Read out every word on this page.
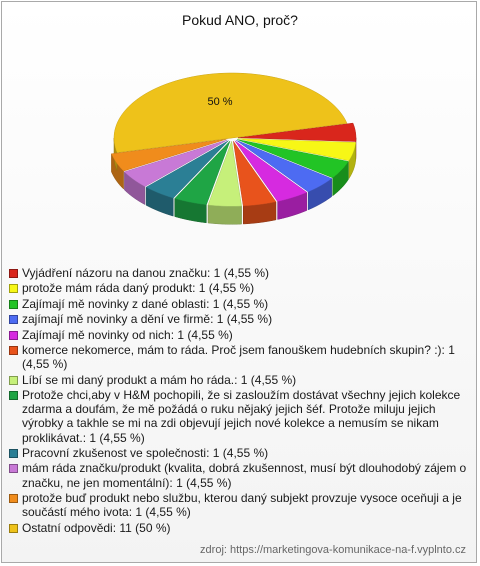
Pokud ANO, proč?
50 %
Vyjádření názoru na danou značku: 1 (4,55 %)
protože mám ráda daný produkt: 1 (4,55 %)
Zajímají mě novinky z dané oblasti: 1 (4,55 %)
zajímají mě novinky a dění ve firmě: 1 (4,55 %)
Zajímají mě novinky od nich: 1 (4,55 %)
komerce nekomerce, mám to ráda. Proč jsem fanouškem hudebních skupin? :): 1 (4,55 %)
Líbí se mi daný produkt a mám ho ráda.: 1 (4,55 %)
Protože chci,aby v H&M pochopili, že si zasloužím dostávat všechny jejich kolekce zdarma a doufám, že mě požádá o ruku nějaký jejich šéf. Protože miluju jejich výrobky a takhle se mi na zdi objevují jejich nové kolekce a nemusím se nikam proklikávat.: 1 (4,55 %)
Pracovní zkušenost ve společnosti: 1 (4,55 %)
mám ráda značku/produkt (kvalita, dobrá zkušennost, musí být dlouhodobý zájem o značku, ne jen momentální): 1 (4,55 %)
protože buď produkt nebo službu, kterou daný subjekt provzuje vysoce oceňuji a je součástí mého ivota: 1 (4,55 %)
Ostatní odpovědi: 11 (50 %)
zdroj: https://marketingova-komunikace-na-f.vyplnto.cz
